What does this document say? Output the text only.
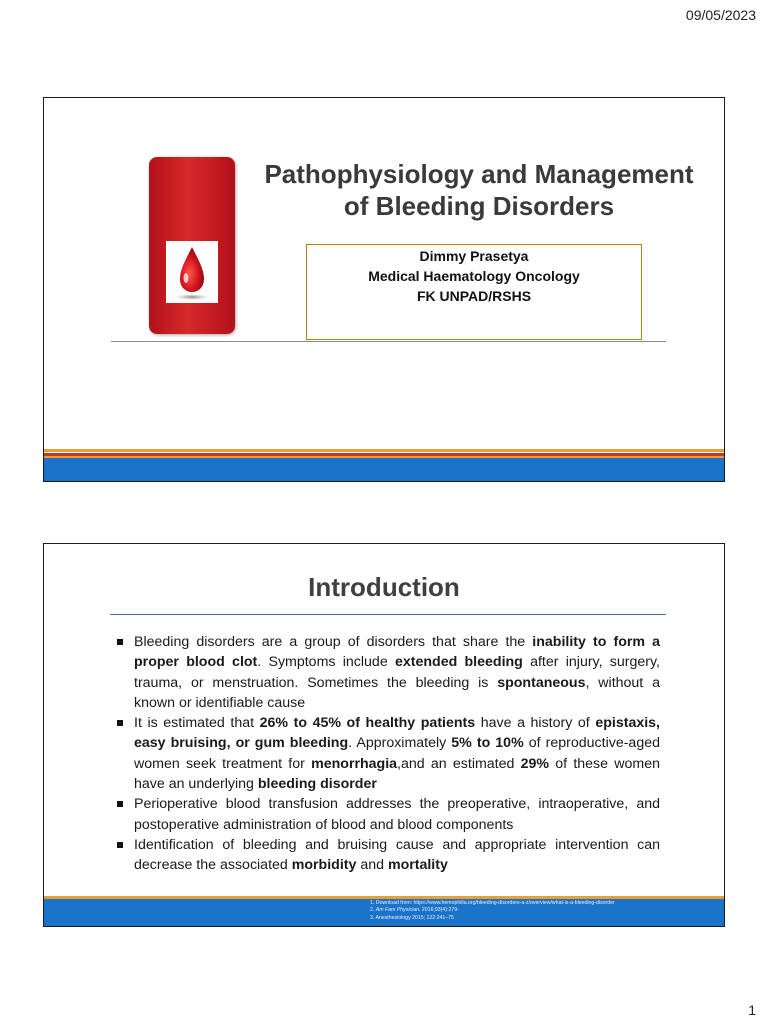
09/05/2023
Pathophysiology and Management
of Bleeding Disorders
Dimmy Prasetya
Medical Haematology Oncology
FK UNPAD/RSHS
Introduction
Bleeding disorders are a group of disorders that share the inability to form a proper blood clot. Symptoms include extended bleeding after injury, surgery, trauma, or menstruation. Sometimes the bleeding is spontaneous, without a known or identifiable cause
It is estimated that 26% to 45% of healthy patients have a history of epistaxis, easy bruising, or gum bleeding. Approximately 5% to 10% of reproductive-aged women seek treatment for menorrhagia,and an estimated 29% of these women have an underlying bleeding disorder
Perioperative blood transfusion addresses the preoperative, intraoperative, and postoperative administration of blood and blood components
Identification of bleeding and bruising cause and appropriate intervention can decrease the associated morbidity and mortality
1. Download from: https://www.hemophilia.org/bleeding-disorders-a-z/overview/what-is-a-bleeding-disorder
2. Am Fam Physician. 2016;93(4):279-
3. Anesthesiology 2015; 122:241–75
1
